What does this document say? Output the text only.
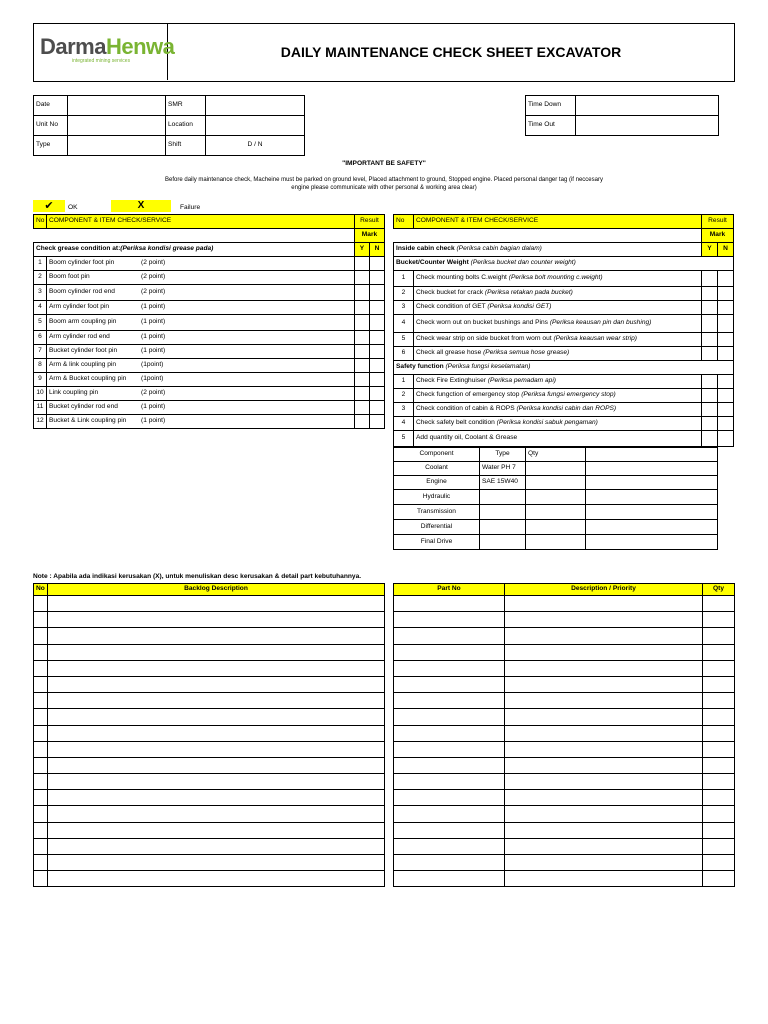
DarmaHenwa
integrated mining services
DAILY MAINTENANCE CHECK SHEET EXCAVATOR
Date		SMR	
Unit No		Location	
Type		Shift	D / N
Time Down	
Time Out	
"IMPORTANT BE SAFETY"
Before daily maintenance check, Macheine must be parked on ground level, Placed attachment to ground, Stopped engine. Placed personal danger tag (if neccesary
engine please communicate with other personal & working area clear)
✔	OK	X	Failure
No	COMPONENT & ITEM CHECK/SERVICE	Result	
		Mark	
Check grease condition at:(Periksa kondisi grease pada)		Y	N
1	Boom cylinder foot pin (2 point)		
2	Boom foot pin (2 point)		
3	Boom cylinder rod end (2 point)		
4	Arm cylinder foot pin (1 point)		
5	Boom arm coupling pin (1 point)		
6	Arm cylinder rod end (1 point)		
7	Bucket cylinder foot pin (1 point)		
8	Arm & link coupling pin (1point)		
9	Arm & Bucket coupling pin (1point)		
10	Link coupling pin (2 point)		
11	Bucket cylinder rod end (1 point)		
12	Bucket & Link coupling pin (1 point)		
No	COMPONENT & ITEM CHECK/SERVICE	Result	
		Mark	
Inside cabin check (Periksa cabin bagian dalam)		Y	N
Bucket/Counter Weight (Periksa bucket dan counter weight)			
1	Check mounting bolts C.weight (Periksa bolt mounting c.weight)		
2	Check bucket for crack (Periksa retakan pada bucket)		
3	Check condition of GET (Periksa kondisi GET)		
4	Check worn out on bucket bushings and Pins (Periksa keausan pin dan bushing)		
5	Check wear strip on side bucket from worn out (Periksa keausan wear strip)		
6	Check all grease hose (Periksa semua hose grease)		
Safety function (Periksa fungsi keselamatan)			
1	Check Fire Extinghuiser (Periksa pemadam api)		
2	Check fungction of emergency stop (Periksa fungsi emergency stop)		
3	Check condition of cabin & ROPS (Periksa kondisi cabin dan ROPS)		
4	Check safety belt condition (Periksa kondisi sabuk pengaman)		
5	Add quantity oil, Coolant & Grease		
Component	Type	Qty	
Coolant	Water PH 7		
Engine	SAE 15W40		
Hydraulic			
Transmission			
Differential			
Final Drive			
Note : Apabila ada indikasi kerusakan (X), untuk menuliskan desc kerusakan & detail part kebutuhannya.
No	Backlog Description

		Part No	Description / Priority	Qty
